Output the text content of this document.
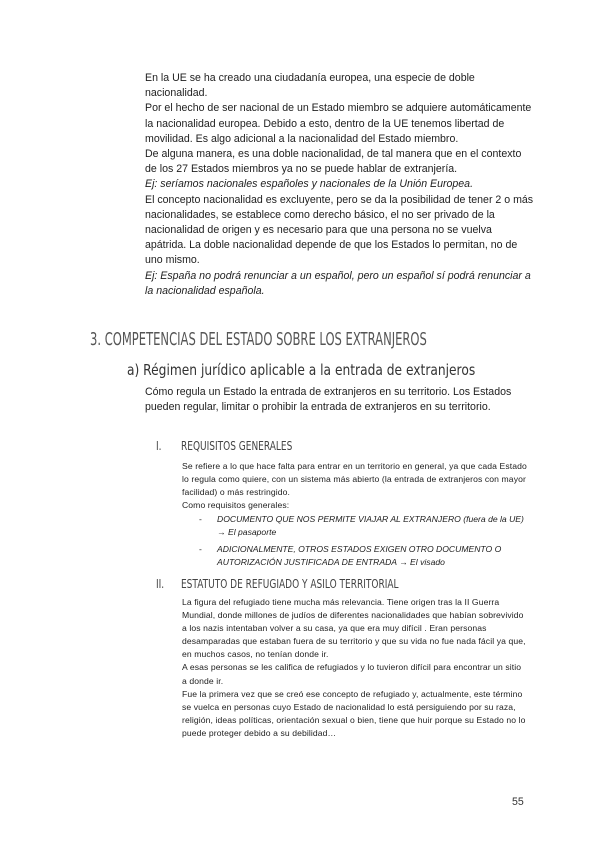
En la UE se ha creado una ciudadanía europea, una especie de doble nacionalidad.

Por el hecho de ser nacional de un Estado miembro se adquiere automáticamente la nacionalidad europea. Debido a esto, dentro de la UE tenemos libertad de movilidad. Es algo adicional a la nacionalidad del Estado miembro.

De alguna manera, es una doble nacionalidad, de tal manera que en el contexto de los 27 Estados miembros ya no se puede hablar de extranjería.

Ej: seríamos nacionales españoles y nacionales de la Unión Europea.

El concepto nacionalidad es excluyente, pero se da la posibilidad de tener 2 o más nacionalidades, se establece como derecho básico, el no ser privado de la nacionalidad de origen y es necesario para que una persona no se vuelva apátrida. La doble nacionalidad depende de que los Estados lo permitan, no de uno mismo.

Ej: España no podrá renunciar a un español, pero un español sí podrá renunciar a la nacionalidad española.

3. COMPETENCIAS DEL ESTADO SOBRE LOS EXTRANJEROS
a) Régimen jurídico aplicable a la entrada de extranjeros

Cómo regula un Estado la entrada de extranjeros en su territorio. Los Estados pueden regular, limitar o prohibir la entrada de extranjeros en su territorio.

I. REQUISITOS GENERALES

Se refiere a lo que hace falta para entrar en un territorio en general, ya que cada Estado lo regula como quiere, con un sistema más abierto (la entrada de extranjeros con mayor facilidad) o más restringido.

Como requisitos generales:

- DOCUMENTO QUE NOS PERMITE VIAJAR AL EXTRANJERO (fuera de la UE) → El pasaporte
- ADICIONALMENTE, OTROS ESTADOS EXIGEN OTRO DOCUMENTO O AUTORIZACIÓN JUSTIFICADA DE ENTRADA → El visado
II. ESTATUTO DE REFUGIADO Y ASILO TERRITORIAL

La figura del refugiado tiene mucha más relevancia. Tiene origen tras la II Guerra Mundial, donde millones de judíos de diferentes nacionalidades que habían sobrevivido a los nazis intentaban volver a su casa, ya que era muy difícil . Eran personas desamparadas que estaban fuera de su territorio y que su vida no fue nada fácil ya que, en muchos casos, no tenían donde ir.

A esas personas se les califica de refugiados y lo tuvieron difícil para encontrar un sitio a donde ir.

Fue la primera vez que se creó ese concepto de refugiado y, actualmente, este término se vuelca en personas cuyo Estado de nacionalidad lo está persiguiendo por su raza, religión, ideas políticas, orientación sexual o bien, tiene que huir porque su Estado no lo puede proteger debido a su debilidad…

55
